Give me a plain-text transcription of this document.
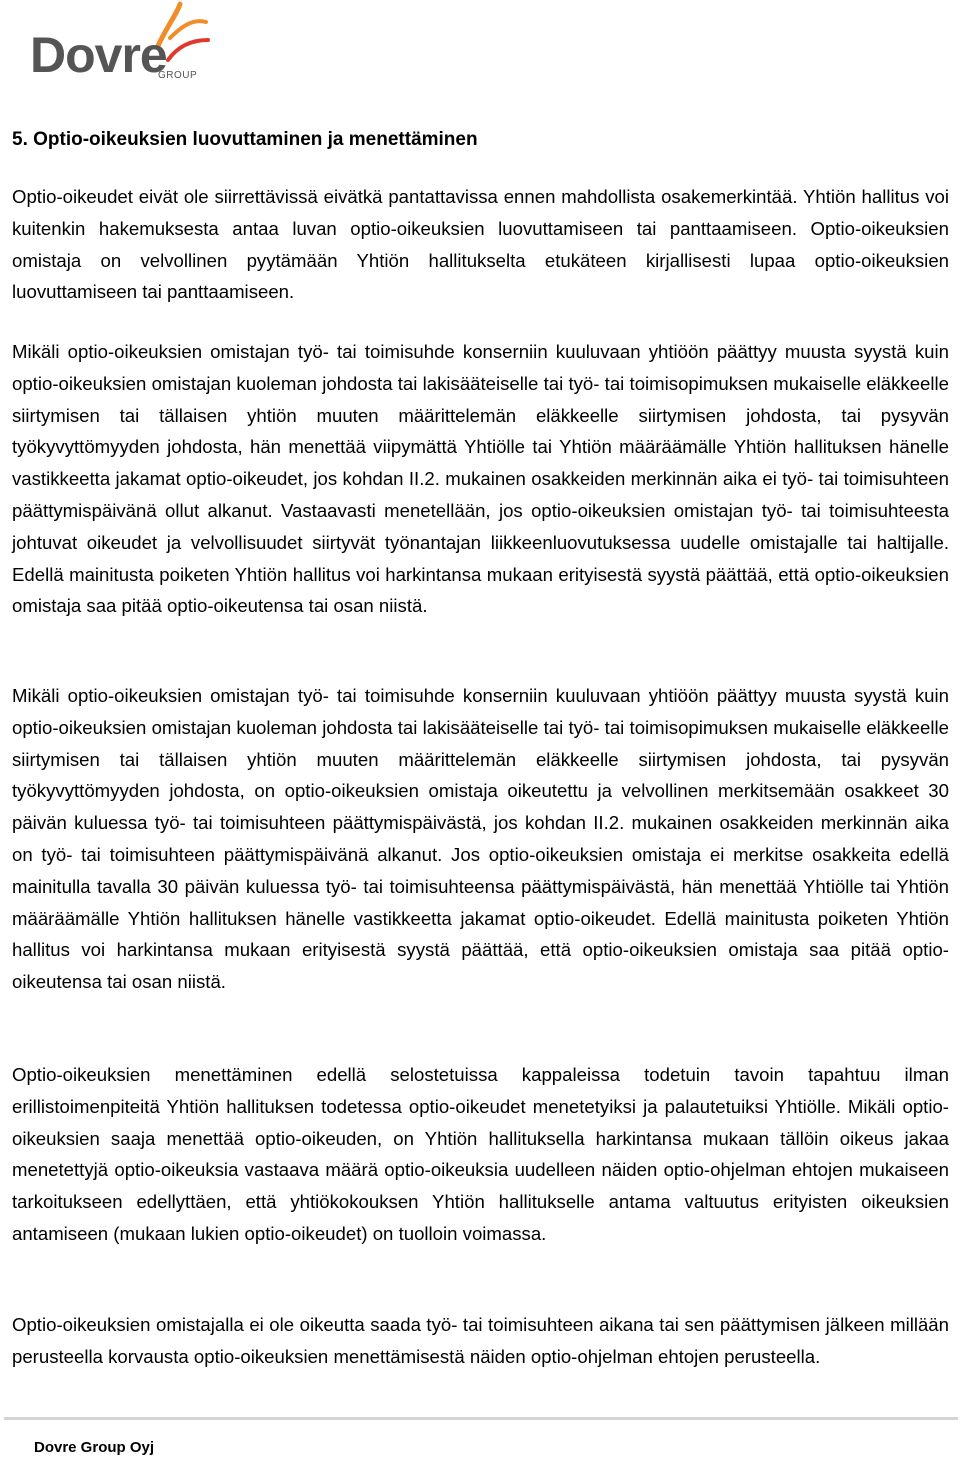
Dovre
GROUP
5. Optio-oikeuksien luovuttaminen ja menettäminen

Optio-oikeudet eivät ole siirrettävissä eivätkä pantattavissa ennen mahdollista osakemerkintää. Yhtiön hallitus voi kuitenkin hakemuksesta antaa luvan optio-oikeuksien luovuttamiseen tai panttaamiseen. Optio-oikeuksien omistaja on velvollinen pyytämään Yhtiön hallitukselta etukäteen kirjallisesti lupaa optio-oikeuksien luovuttamiseen tai panttaamiseen.

Mikäli optio-oikeuksien omistajan työ- tai toimisuhde konserniin kuuluvaan yhtiöön päättyy muusta syystä kuin optio-oikeuksien omistajan kuoleman johdosta tai lakisääteiselle tai työ- tai toimisopimuksen mukaiselle eläkkeelle siirtymisen tai tällaisen yhtiön muuten määrittelemän eläkkeelle siirtymisen johdosta, tai pysyvän työkyvyttömyyden johdosta, hän menettää viipymättä Yhtiölle tai Yhtiön määräämälle Yhtiön hallituksen hänelle vastikkeetta jakamat optio-oikeudet, jos kohdan II.2. mukainen osakkeiden merkinnän aika ei työ- tai toimisuhteen päättymispäivänä ollut alkanut. Vastaavasti menetellään, jos optio-oikeuksien omistajan työ- tai toimisuhteesta johtuvat oikeudet ja velvollisuudet siirtyvät työnantajan liikkeenluovutuksessa uudelle omistajalle tai haltijalle. Edellä mainitusta poiketen Yhtiön hallitus voi harkintansa mukaan erityisestä syystä päättää, että optio-oikeuksien omistaja saa pitää optio-oikeutensa tai osan niistä.

Mikäli optio-oikeuksien omistajan työ- tai toimisuhde konserniin kuuluvaan yhtiöön päättyy muusta syystä kuin optio-oikeuksien omistajan kuoleman johdosta tai lakisääteiselle tai työ- tai toimisopimuksen mukaiselle eläkkeelle siirtymisen tai tällaisen yhtiön muuten määrittelemän eläkkeelle siirtymisen johdosta, tai pysyvän työkyvyttömyyden johdosta, on optio-oikeuksien omistaja oikeutettu ja velvollinen merkitsemään osakkeet 30 päivän kuluessa työ- tai toimisuhteen päättymispäivästä, jos kohdan II.2. mukainen osakkeiden merkinnän aika on työ- tai toimisuhteen päättymispäivänä alkanut. Jos optio-oikeuksien omistaja ei merkitse osakkeita edellä mainitulla tavalla 30 päivän kuluessa työ- tai toimisuhteensa päättymispäivästä, hän menettää Yhtiölle tai Yhtiön määräämälle Yhtiön hallituksen hänelle vastikkeetta jakamat optio-oikeudet. Edellä mainitusta poiketen Yhtiön hallitus voi harkintansa mukaan erityisestä syystä päättää, että optio-oikeuksien omistaja saa pitää optio-oikeutensa tai osan niistä.

Optio-oikeuksien menettäminen edellä selostetuissa kappaleissa todetuin tavoin tapahtuu ilman erillistoimenpiteitä Yhtiön hallituksen todetessa optio-oikeudet menetetyiksi ja palautetuiksi Yhtiölle. Mikäli optio-oikeuksien saaja menettää optio-oikeuden, on Yhtiön hallituksella harkintansa mukaan tällöin oikeus jakaa menetettyjä optio-oikeuksia vastaava määrä optio-oikeuksia uudelleen näiden optio-ohjelman ehtojen mukaiseen tarkoitukseen edellyttäen, että yhtiökokouksen Yhtiön hallitukselle antama valtuutus erityisten oikeuksien antamiseen (mukaan lukien optio-oikeudet) on tuolloin voimassa.

Optio-oikeuksien omistajalla ei ole oikeutta saada työ- tai toimisuhteen aikana tai sen päättymisen jälkeen millään perusteella korvausta optio-oikeuksien menettämisestä näiden optio-ohjelman ehtojen perusteella.

Dovre Group Oyj
